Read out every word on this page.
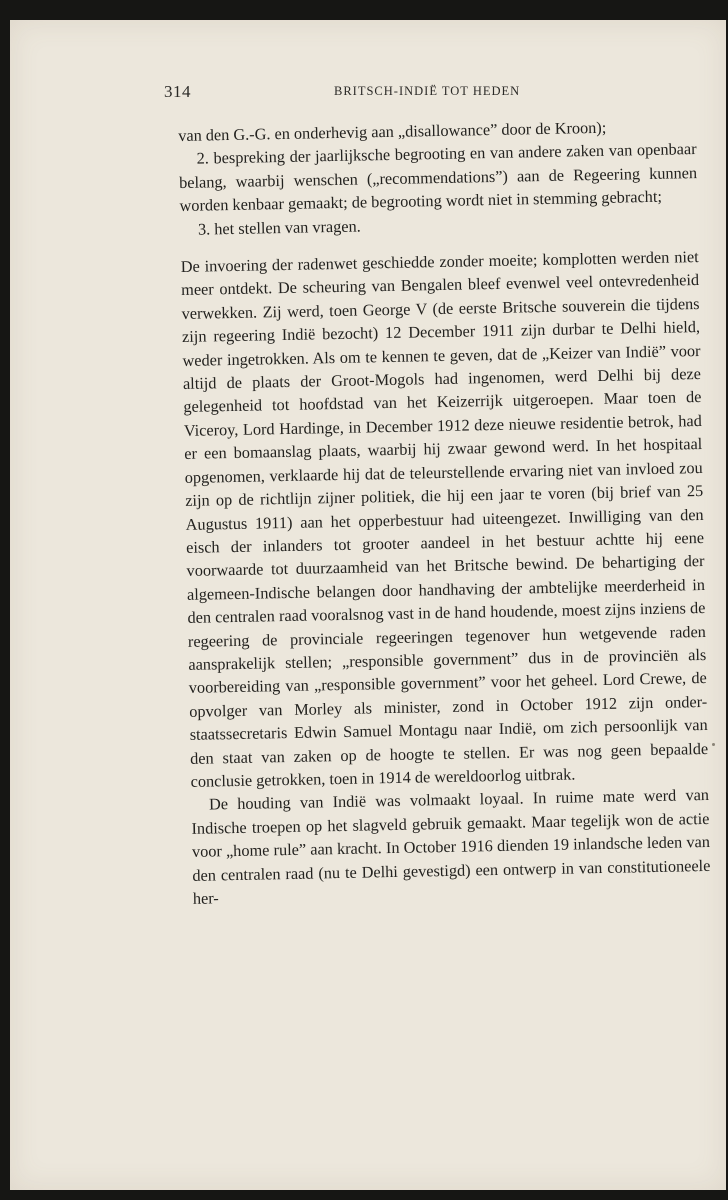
314	BRITSCH-INDIË TOT HEDEN

van den G.-G. en onderhevig aan „disallowance” door de Kroon);

2. bespreking der jaarlijksche begrooting en van andere zaken van openbaar belang, waarbij wenschen („recommendations”) aan de Regeering kunnen worden kenbaar gemaakt; de begrooting wordt niet in stemming gebracht;

3. het stellen van vragen.

De invoering der radenwet geschiedde zonder moeite; komplotten werden niet meer ontdekt. De scheuring van Bengalen bleef evenwel veel ontevredenheid verwekken. Zij werd, toen George V (de eerste Britsche souverein die tijdens zijn regeering Indië bezocht) 12 December 1911 zijn durbar te Delhi hield, weder ingetrokken. Als om te kennen te geven, dat de „Keizer van Indië” voor altijd de plaats der Groot-Mogols had ingenomen, werd Delhi bij deze gelegenheid tot hoofdstad van het Keizerrijk uitgeroepen. Maar toen de Viceroy, Lord Hardinge, in December 1912 deze nieuwe residentie betrok, had er een bomaanslag plaats, waarbij hij zwaar gewond werd. In het hospitaal opgenomen, verklaarde hij dat de teleurstellende ervaring niet van invloed zou zijn op de richtlijn zijner politiek, die hij een jaar te voren (bij brief van 25 Augustus 1911) aan het opperbestuur had uiteengezet. Inwilliging van den eisch der inlanders tot grooter aandeel in het bestuur achtte hij eene voorwaarde tot duurzaamheid van het Britsche bewind. De behartiging der algemeen-Indische belangen door handhaving der ambtelijke meerderheid in den centralen raad vooralsnog vast in de hand houdende, moest zijns inziens de regeering de provinciale regeeringen tegenover hun wetgevende raden aansprakelijk stellen; „responsible government” dus in de provinciën als voorbereiding van „responsible government” voor het geheel. Lord Crewe, de opvolger van Morley als minister, zond in October 1912 zijn onder-staatssecretaris Edwin Samuel Montagu naar Indië, om zich persoonlijk van den staat van zaken op de hoogte te stellen. Er was nog geen bepaalde conclusie getrokken, toen in 1914 de wereldoorlog uitbrak.

De houding van Indië was volmaakt loyaal. In ruime mate werd van Indische troepen op het slagveld gebruik gemaakt. Maar tegelijk won de actie voor „home rule” aan kracht. In October 1916 dienden 19 inlandsche leden van den centralen raad (nu te Delhi gevestigd) een ontwerp in van constitutioneele her-
